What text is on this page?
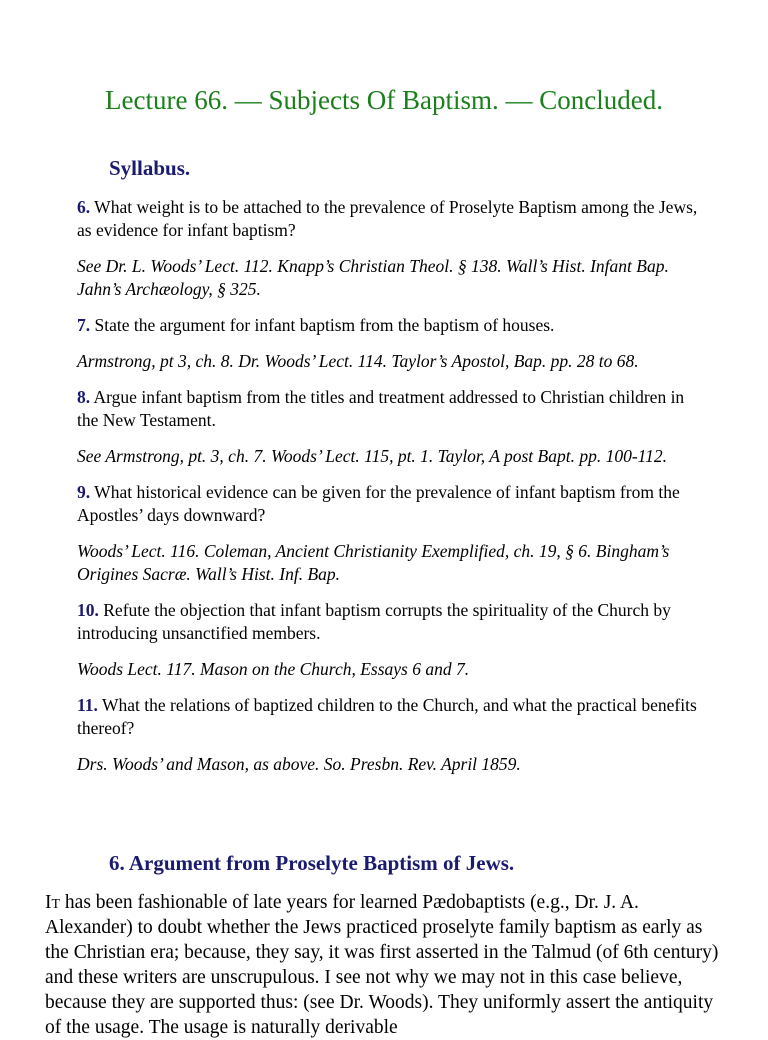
Lecture 66. — Subjects Of Baptism. — Concluded.
Syllabus.

6. What weight is to be attached to the prevalence of Proselyte Baptism among the Jews, as evidence for infant baptism?

See Dr. L. Woods’ Lect. 112. Knapp’s Christian Theol. § 138. Wall’s Hist. Infant Bap. Jahn’s Archæology, § 325.

7. State the argument for infant baptism from the baptism of houses.

Armstrong, pt 3, ch. 8. Dr. Woods’ Lect. 114. Taylor’s Apostol, Bap. pp. 28 to 68.

8. Argue infant baptism from the titles and treatment addressed to Christian children in the New Testament.

See Armstrong, pt. 3, ch. 7. Woods’ Lect. 115, pt. 1. Taylor, A post Bapt. pp. 100-112.

9. What historical evidence can be given for the prevalence of infant baptism from the Apostles’ days downward?

Woods’ Lect. 116. Coleman, Ancient Christianity Exemplified, ch. 19, § 6. Bingham’s Origines Sacræ. Wall’s Hist. Inf. Bap.

10. Refute the objection that infant baptism corrupts the spirituality of the Church by introducing unsanctified members.

Woods Lect. 117. Mason on the Church, Essays 6 and 7.

11. What the relations of baptized children to the Church, and what the practical benefits thereof?

Drs. Woods’ and Mason, as above. So. Presbn. Rev. April 1859.

6. Argument from Proselyte Baptism of Jews.

It has been fashionable of late years for learned Pædobaptists (e.g., Dr. J. A. Alexander) to doubt whether the Jews practiced proselyte family baptism as early as the Christian era; because, they say, it was first asserted in the Talmud (of 6th century) and these writers are unscrupulous. I see not why we may not in this case believe, because they are supported thus: (see Dr. Woods). They uniformly assert the antiquity of the usage. The usage is naturally derivable
